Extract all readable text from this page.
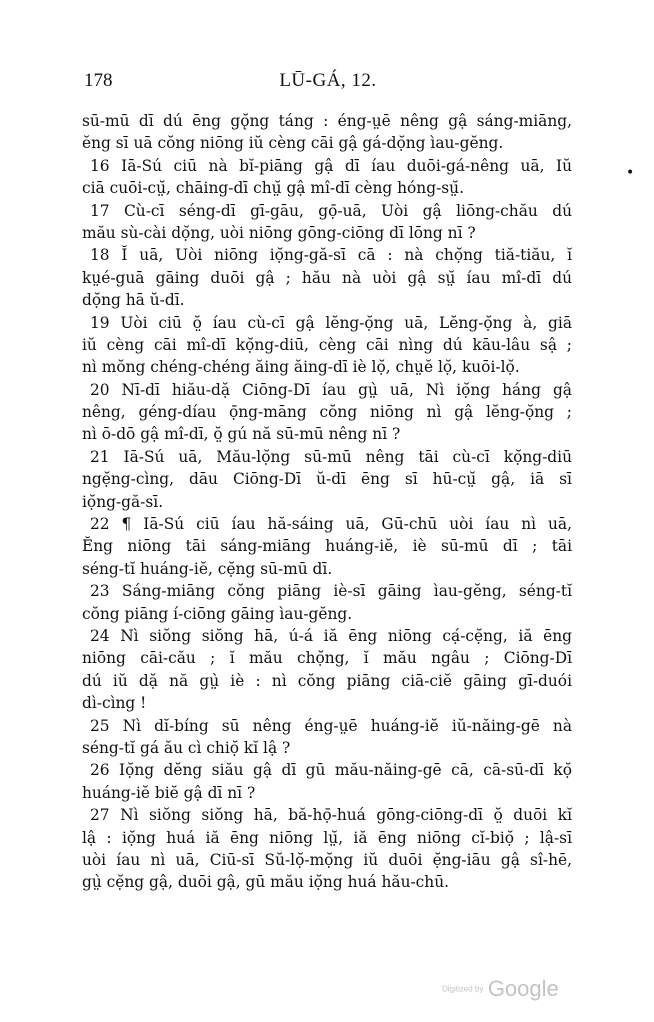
178	LŪ-GÁ, 12.
sū-mū dī dú ēng gǫ̆ng táng : éng-ṳē nêng gậ sáng-miāng,
ĕng sī uā cŏng niōng iŭ cèng cāi gậ gá-dọ̆ng ìau-gĕng.
16 Iā-Sú ciū nà bĭ-piāng gậ dī íau duōi-gá-nêng uā, Iŭ
ciā cuōi-cṳ̆, chāing-dī chṳ̆ gậ mî-dī cèng hóng-sṳ̆.
17 Cù-cī séng-dī gī-gāu, gọ̄-uā, Uòi gậ liōng-chău dú
mău sù-cài dọ̆ng, uòi niōng gōng-ciōng dī lōng nī ?
18 Ĭ uā, Uòi niōng iọ̆ng-gă-sī cā : nà chọ̆ng tiă-tiău, ĭ
kṳé-guā gāing duōi gậ ; hău nà uòi gậ sṳ̆ íau mî-dī dú
dọ̆ng hā ŭ-dī.
19 Uòi ciū ŏ̤ íau cù-cī gậ lĕng-ọ̆ng uā, Lĕng-ọ̆ng à, giā
iŭ cèng cāi mî-dī kọ̆ng-diū, cèng cāi nìng dú kāu-lâu sậ ;
nì mŏng chéng-chéng ăing ăing-dī iè lọ̆, chṳĕ lọ̆, kuōi-lọ̆.
20 Nī-dī hiău-dặ Ciōng-Dī íau gṳ̀ uā, Nì iọ̆ng háng gậ
nêng, géng-díau ọ̄ng-māng cŏng niōng nì gậ lĕng-ọ̆ng ;
nì ō-dō gậ mî-dī, ŏ̤ gú nă sū-mū nêng nī ?
21 Iā-Sú uā, Mău-lọ̆ng sū-mū nêng tāi cù-cī kọ̆ng-diū
ngẹ̆ng-cìng, dāu Ciōng-Dī ŭ-dī ēng sī hū-cṳ̆ gậ, iā sī
iọ̆ng-gă-sī.
22 ¶ Iā-Sú ciū íau hă-sáing uā, Gū-chū uòi íau nì uā,
Ĕng niōng tāi sáng-miāng huáng-iĕ, iè sū-mū dī ; tāi
séng-tĭ huáng-iĕ, cẹ̆ng sū-mū dī.
23 Sáng-miāng cŏng piāng iè-sī gāing ìau-gĕng, séng-tĭ
cŏng piāng í-ciōng gāing ìau-gĕng.
24 Nì siŏng siŏng hā, ú-á iă ēng niōng cạ́-cẹ̆ng, iă ēng
niōng cāi-cău ; ĭ mău chọ̆ng, ĭ mău ngâu ; Ciōng-Dī
dú iŭ dặ nă gṳ̀ iè : nì cŏng piāng ciā-ciĕ gāing gī-duói
dì-cìng !
25 Nì dĭ-bíng sū nêng éng-ṳē huáng-iĕ iŭ-năing-gē nà
séng-tĭ gá ău cì chiọ̆ kĭ lậ ?
26 Iọ̆ng dĕng siău gậ dī gū mău-năing-gē cā, cā-sū-dī kọ̆
huáng-iĕ biĕ gậ dī nī ?
27 Nì siŏng siŏng hā, bă-họ̄-huá gōng-ciōng-dī ŏ̤ duōi kĭ
lậ : iọ̆ng huá iă ēng niōng lṳ̆, iă ēng niōng cĭ-biọ̆ ; lậ-sī
uòi íau nì uā, Ciū-sī Sŭ-lọ̆-mọ̆ng iŭ duōi ẹ̆ng-iāu gậ sî-hē,
gṳ̀ cẹ̆ng gậ, duōi gậ, gū mău iọ̆ng huá hău-chū.
•
Digitized by Google
